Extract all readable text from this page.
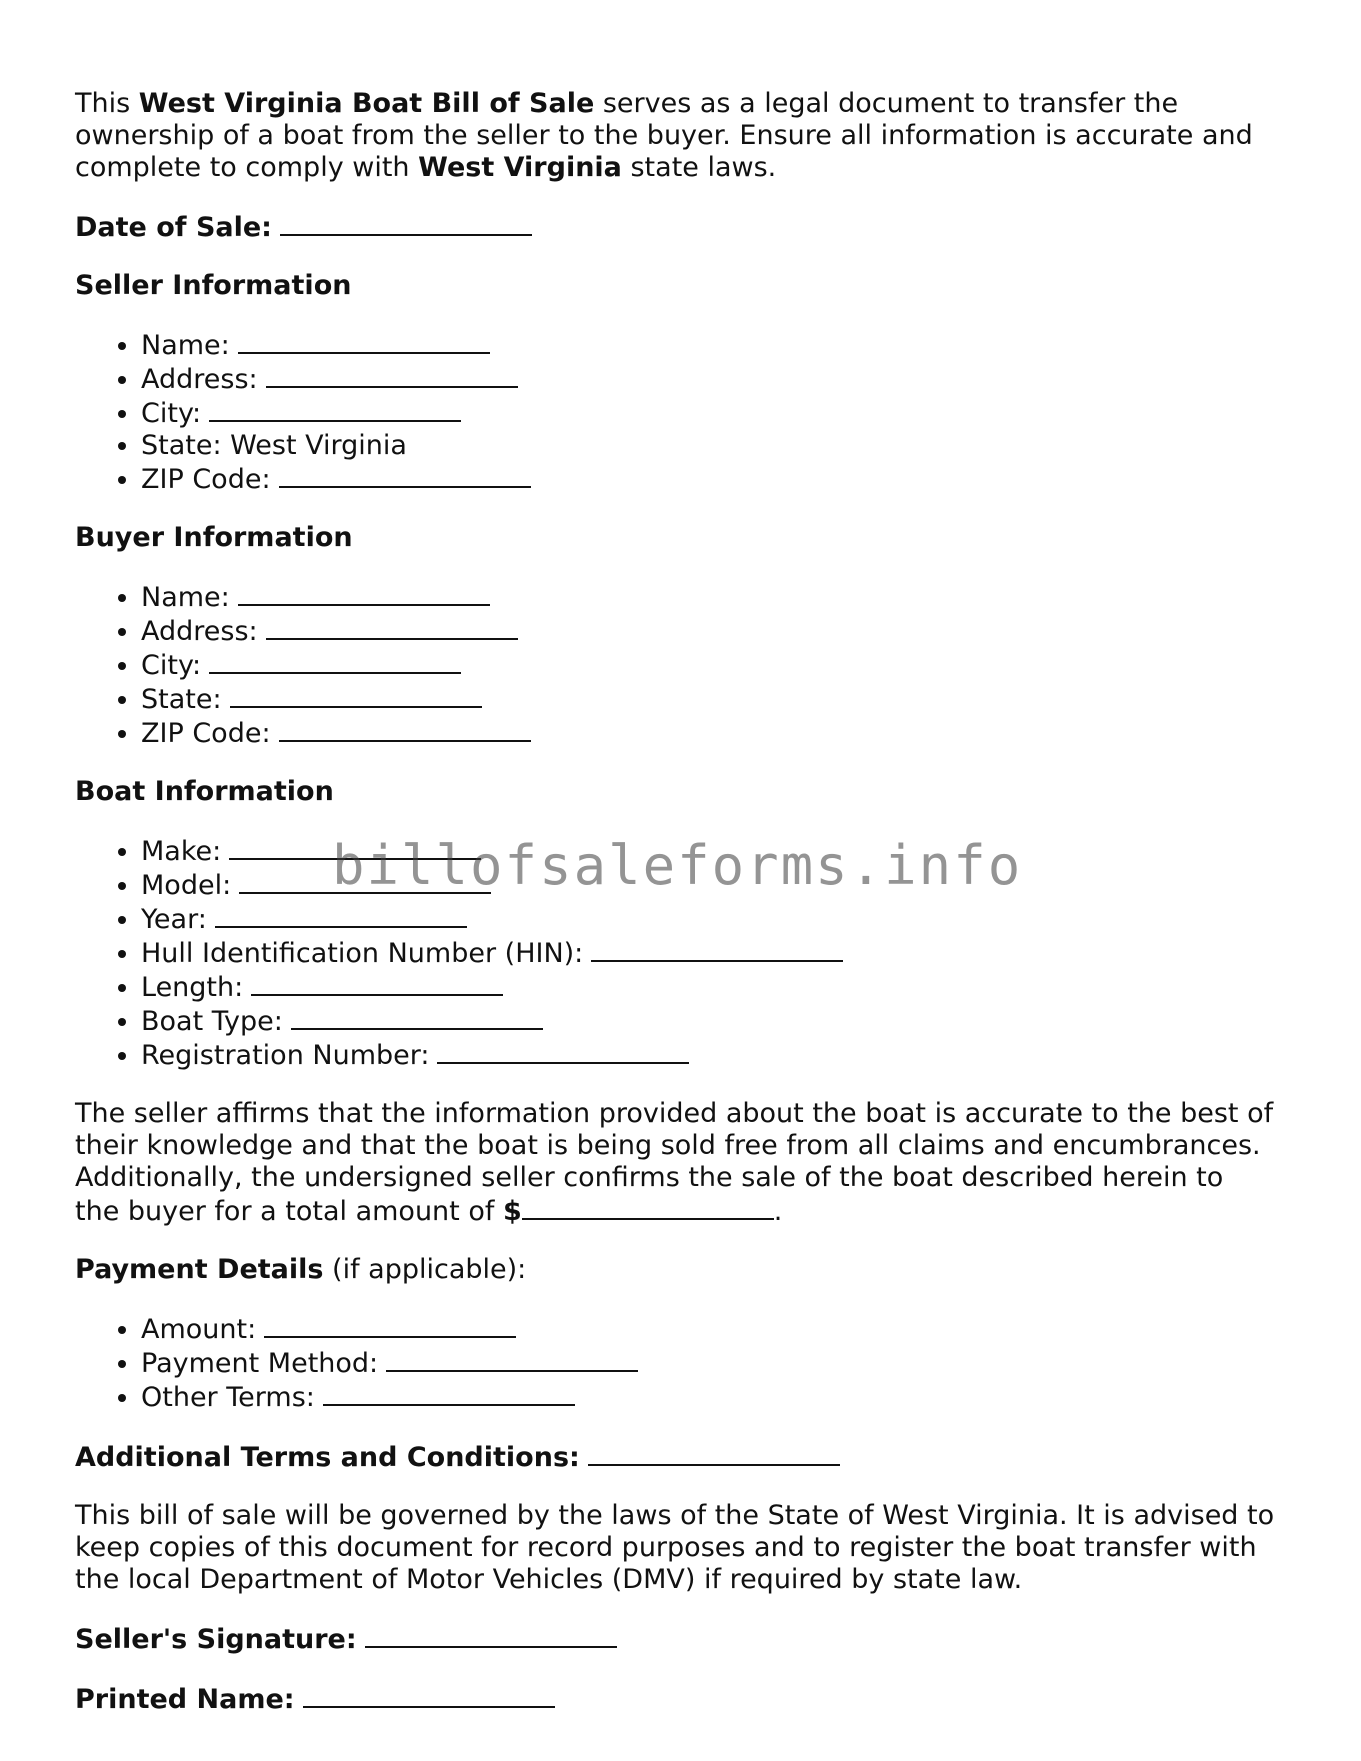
This West Virginia Boat Bill of Sale serves as a legal document to transfer the ownership of a boat from the seller to the buyer. Ensure all information is accurate and complete to comply with West Virginia state laws.

Date of Sale:

Seller Information

• Name:
• Address:
• City:
• State: West Virginia
• ZIP Code:

Buyer Information

• Name:
• Address:
• City:
• State:
• ZIP Code:

Boat Information

• Make:
• Model:
• Year:
• Hull Identification Number (HIN):
• Length:
• Boat Type:
• Registration Number:

The seller affirms that the information provided about the boat is accurate to the best of their knowledge and that the boat is being sold free from all claims and encumbrances. Additionally, the undersigned seller confirms the sale of the boat described herein to the buyer for a total amount of $	.

Payment Details (if applicable):

• Amount:
• Payment Method:
• Other Terms:

Additional Terms and Conditions:

This bill of sale will be governed by the laws of the State of West Virginia. It is advised to keep copies of this document for record purposes and to register the boat transfer with the local Department of Motor Vehicles (DMV) if required by state law.

Seller's Signature:

Printed Name:

billofsaleforms.info
